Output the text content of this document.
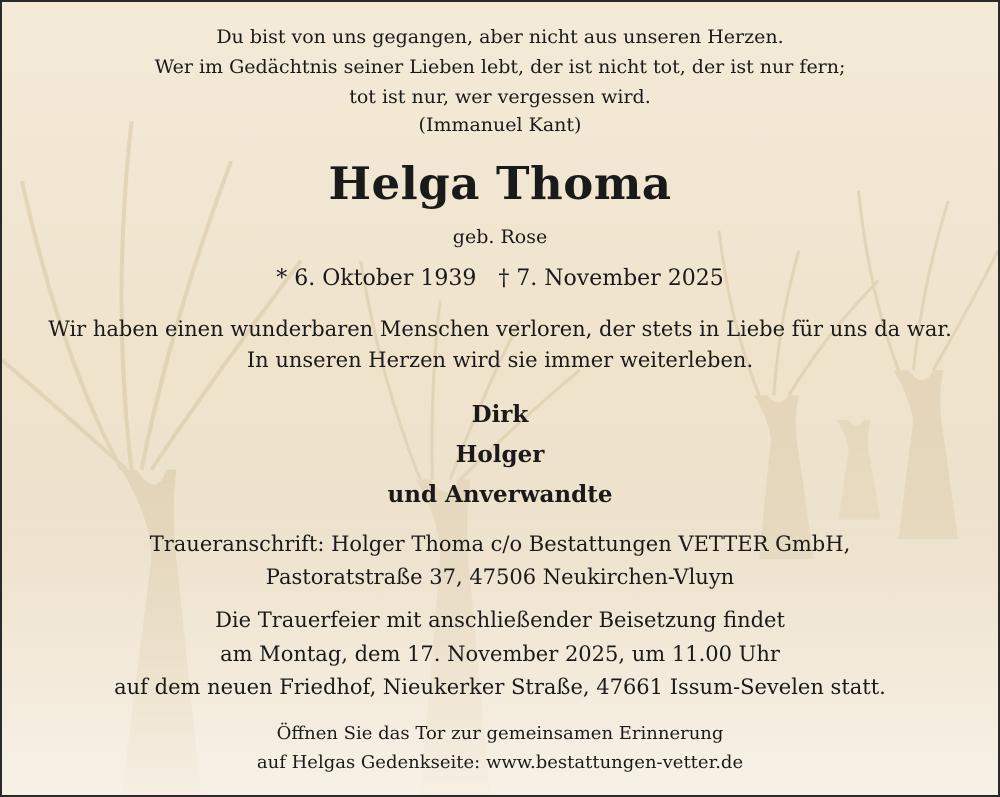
Du bist von uns gegangen, aber nicht aus unseren Herzen.
Wer im Gedächtnis seiner Lieben lebt, der ist nicht tot, der ist nur fern;
tot ist nur, wer vergessen wird.
(Immanuel Kant)
Helga Thoma
geb. Rose
* 6. Oktober 1939 † 7. November 2025
Wir haben einen wunderbaren Menschen verloren, der stets in Liebe für uns da war.
In unseren Herzen wird sie immer weiterleben.
Dirk
Holger
und Anverwandte
Traueranschrift: Holger Thoma c/o Bestattungen VETTER GmbH,
Pastoratstraße 37, 47506 Neukirchen-Vluyn
Die Trauerfeier mit anschließender Beisetzung findet
am Montag, dem 17. November 2025, um 11.00 Uhr
auf dem neuen Friedhof, Nieukerker Straße, 47661 Issum-Sevelen statt.
Öffnen Sie das Tor zur gemeinsamen Erinnerung
auf Helgas Gedenkseite: www.bestattungen-vetter.de
